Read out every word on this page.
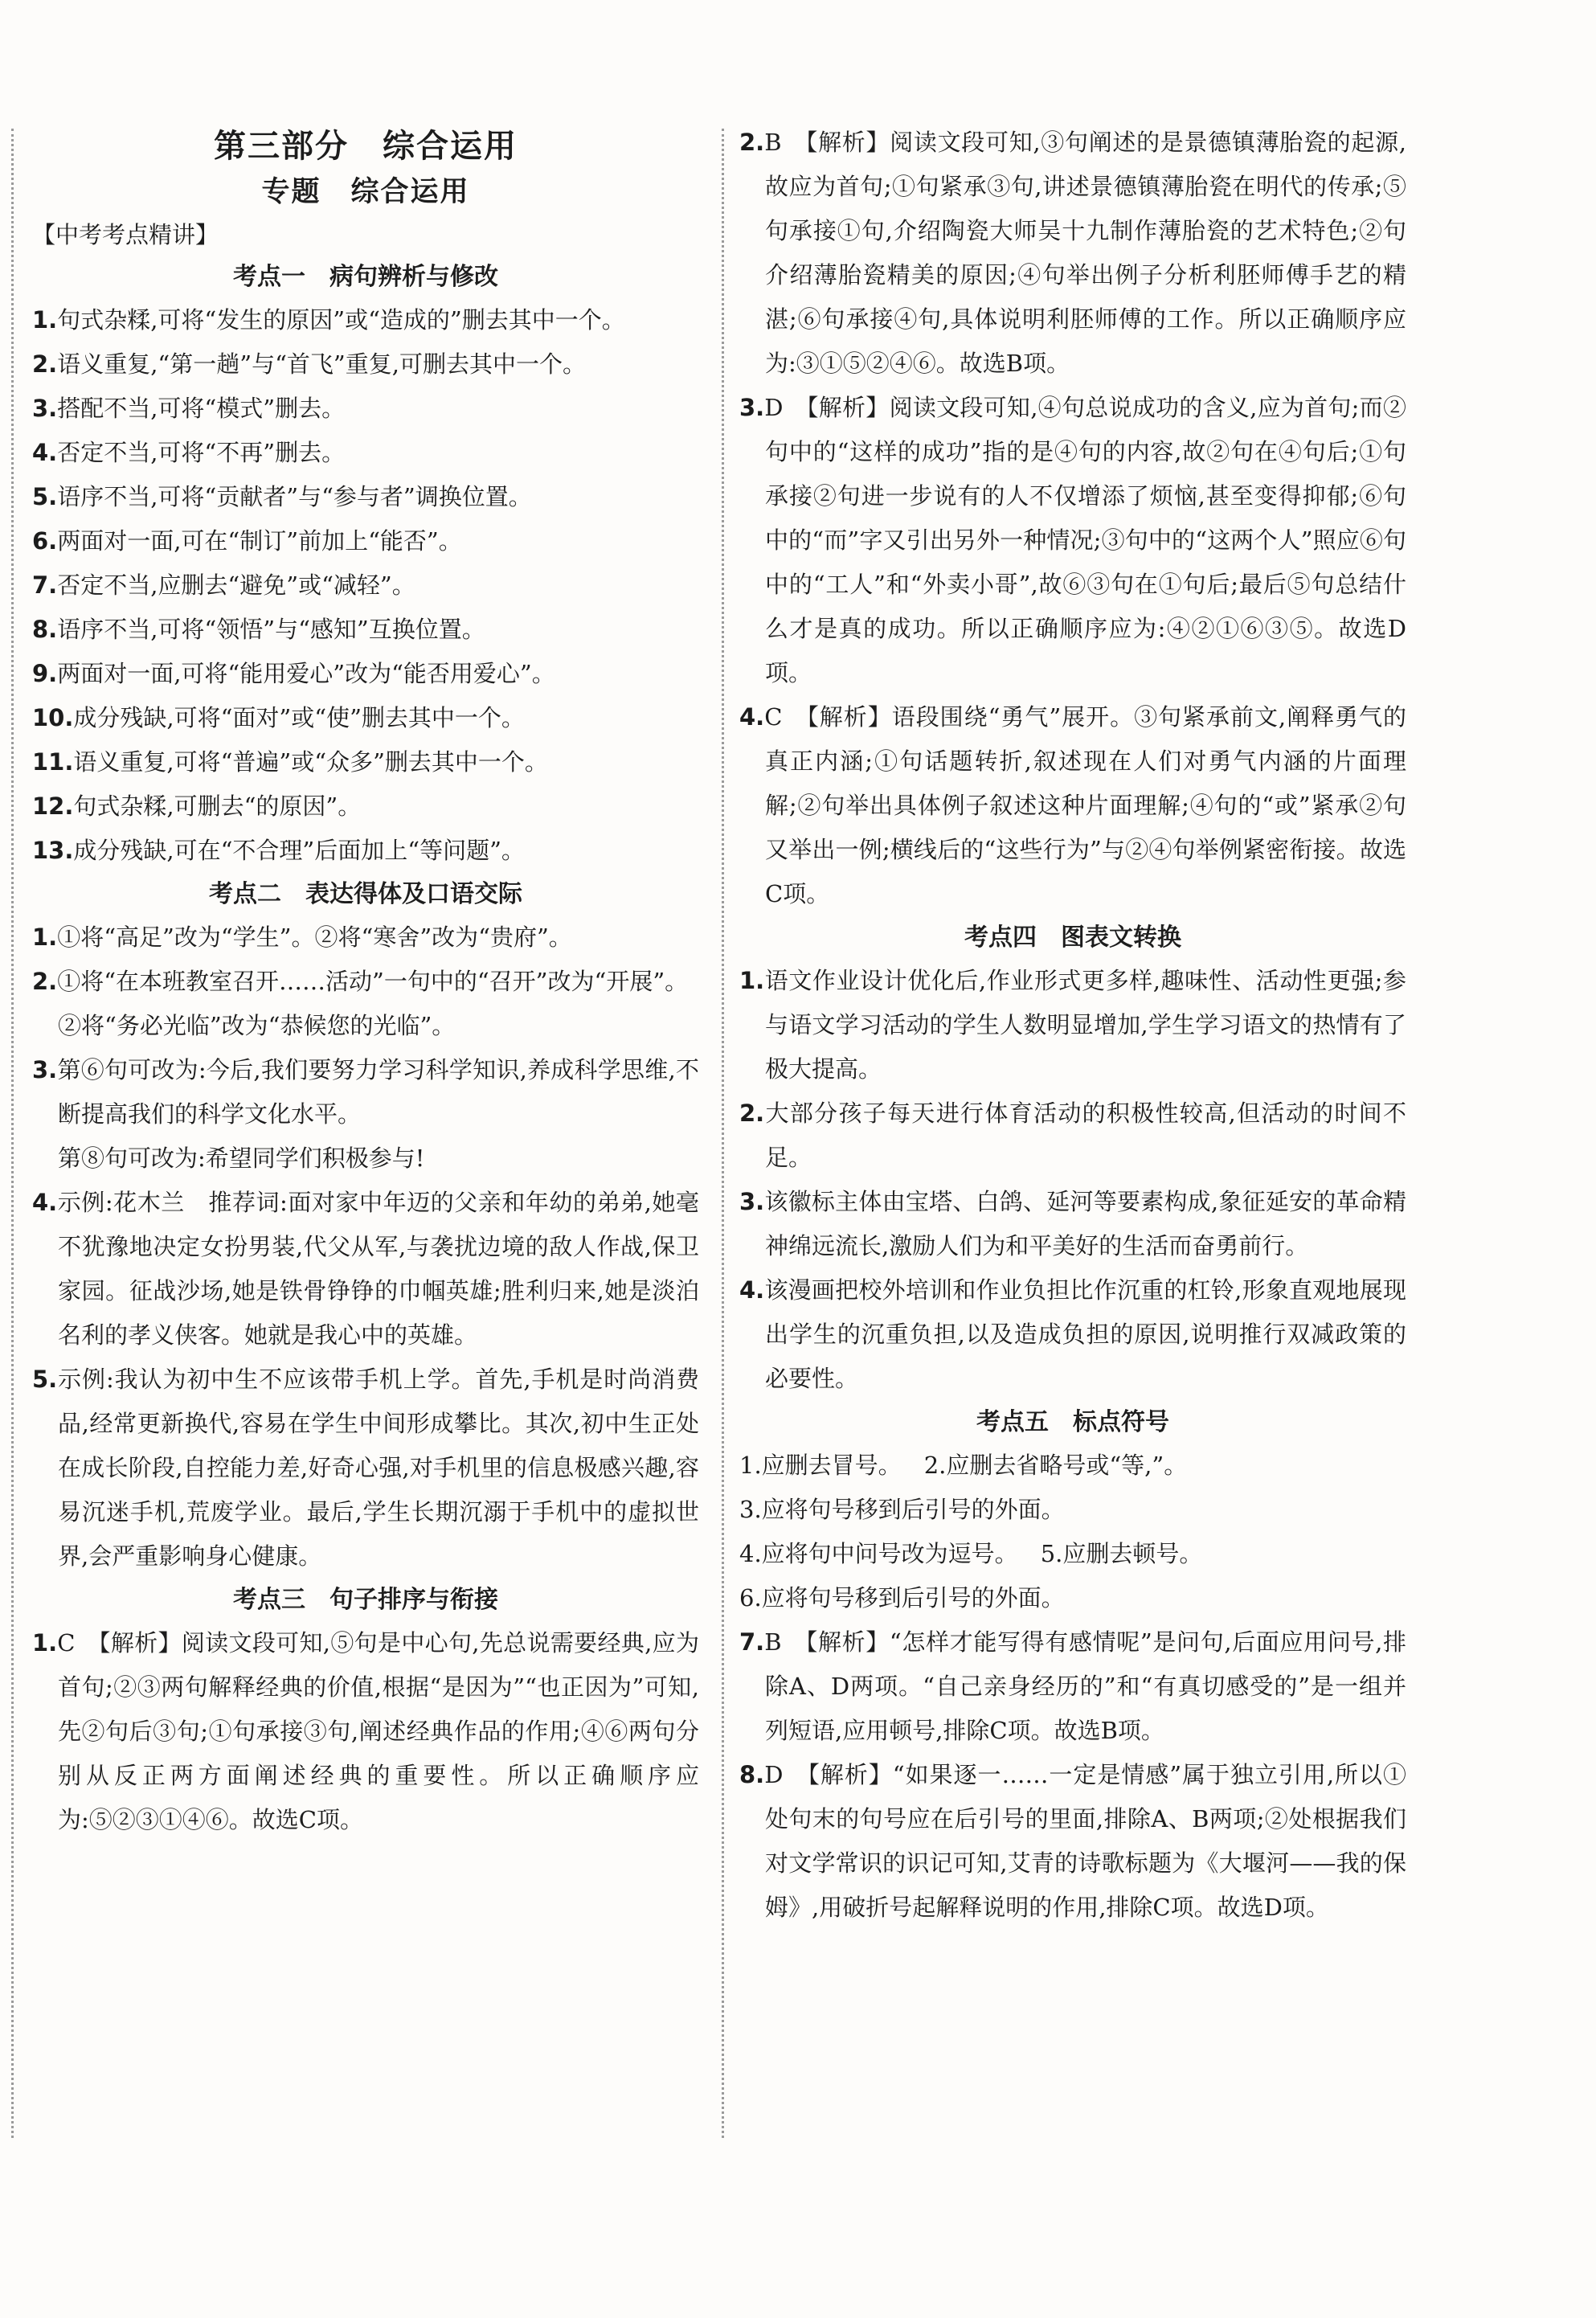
第三部分　综合运用
专题　综合运用

【中考考点精讲】

考点一　病句辨析与修改

1.句式杂糅,可将“发生的原因”或“造成的”删去其中一个。

2.语义重复,“第一趟”与“首飞”重复,可删去其中一个。

3.搭配不当,可将“模式”删去。

4.否定不当,可将“不再”删去。

5.语序不当,可将“贡献者”与“参与者”调换位置。

6.两面对一面,可在“制订”前加上“能否”。

7.否定不当,应删去“避免”或“减轻”。

8.语序不当,可将“领悟”与“感知”互换位置。

9.两面对一面,可将“能用爱心”改为“能否用爱心”。

10.成分残缺,可将“面对”或“使”删去其中一个。

11.语义重复,可将“普遍”或“众多”删去其中一个。

12.句式杂糅,可删去“的原因”。

13.成分残缺,可在“不合理”后面加上“等问题”。

考点二　表达得体及口语交际

1.①将“高足”改为“学生”。②将“寒舍”改为“贵府”。

2.①将“在本班教室召开……活动”一句中的“召开”改为“开展”。

②将“务必光临”改为“恭候您的光临”。

3.第⑥句可改为:今后,我们要努力学习科学知识,养成科学思维,不断提高我们的科学文化水平。

第⑧句可改为:希望同学们积极参与!

4.示例:花木兰　推荐词:面对家中年迈的父亲和年幼的弟弟,她毫不犹豫地决定女扮男装,代父从军,与袭扰边境的敌人作战,保卫家园。征战沙场,她是铁骨铮铮的巾帼英雄;胜利归来,她是淡泊名利的孝义侠客。她就是我心中的英雄。

5.示例:我认为初中生不应该带手机上学。首先,手机是时尚消费品,经常更新换代,容易在学生中间形成攀比。其次,初中生正处在成长阶段,自控能力差,好奇心强,对手机里的信息极感兴趣,容易沉迷手机,荒废学业。最后,学生长期沉溺于手机中的虚拟世界,会严重影响身心健康。

考点三　句子排序与衔接

1.C　【解析】阅读文段可知,⑤句是中心句,先总说需要经典,应为首句;②③两句解释经典的价值,根据“是因为”“也正因为”可知,先②句后③句;①句承接③句,阐述经典作品的作用;④⑥两句分别从反正两方面阐述经典的重要性。所以正确顺序应为:⑤②③①④⑥。故选C项。

2.B　【解析】阅读文段可知,③句阐述的是景德镇薄胎瓷的起源,故应为首句;①句紧承③句,讲述景德镇薄胎瓷在明代的传承;⑤句承接①句,介绍陶瓷大师吴十九制作薄胎瓷的艺术特色;②句介绍薄胎瓷精美的原因;④句举出例子分析利胚师傅手艺的精湛;⑥句承接④句,具体说明利胚师傅的工作。所以正确顺序应为:③①⑤②④⑥。故选B项。

3.D　【解析】阅读文段可知,④句总说成功的含义,应为首句;而②句中的“这样的成功”指的是④句的内容,故②句在④句后;①句承接②句进一步说有的人不仅增添了烦恼,甚至变得抑郁;⑥句中的“而”字又引出另外一种情况;③句中的“这两个人”照应⑥句中的“工人”和“外卖小哥”,故⑥③句在①句后;最后⑤句总结什么才是真的成功。所以正确顺序应为:④②①⑥③⑤。故选D项。

4.C　【解析】语段围绕“勇气”展开。③句紧承前文,阐释勇气的真正内涵;①句话题转折,叙述现在人们对勇气内涵的片面理解;②句举出具体例子叙述这种片面理解;④句的“或”紧承②句又举出一例;横线后的“这些行为”与②④句举例紧密衔接。故选C项。

考点四　图表文转换

1.语文作业设计优化后,作业形式更多样,趣味性、活动性更强;参与语文学习活动的学生人数明显增加,学生学习语文的热情有了极大提高。

2.大部分孩子每天进行体育活动的积极性较高,但活动的时间不足。

3.该徽标主体由宝塔、白鸽、延河等要素构成,象征延安的革命精神绵远流长,激励人们为和平美好的生活而奋勇前行。

4.该漫画把校外培训和作业负担比作沉重的杠铃,形象直观地展现出学生的沉重负担,以及造成负担的原因,说明推行双减政策的必要性。

考点五　标点符号

1.应删去冒号。 2.应删去省略号或“等,”。

3.应将句号移到后引号的外面。

4.应将句中问号改为逗号。 5.应删去顿号。

6.应将句号移到后引号的外面。

7.B　【解析】“怎样才能写得有感情呢”是问句,后面应用问号,排除A、D两项。“自己亲身经历的”和“有真切感受的”是一组并列短语,应用顿号,排除C项。故选B项。

8.D　【解析】“如果逐一……一定是情感”属于独立引用,所以①处句末的句号应在后引号的里面,排除A、B两项;②处根据我们对文学常识的识记可知,艾青的诗歌标题为《大堰河——我的保姆》,用破折号起解释说明的作用,排除C项。故选D项。
